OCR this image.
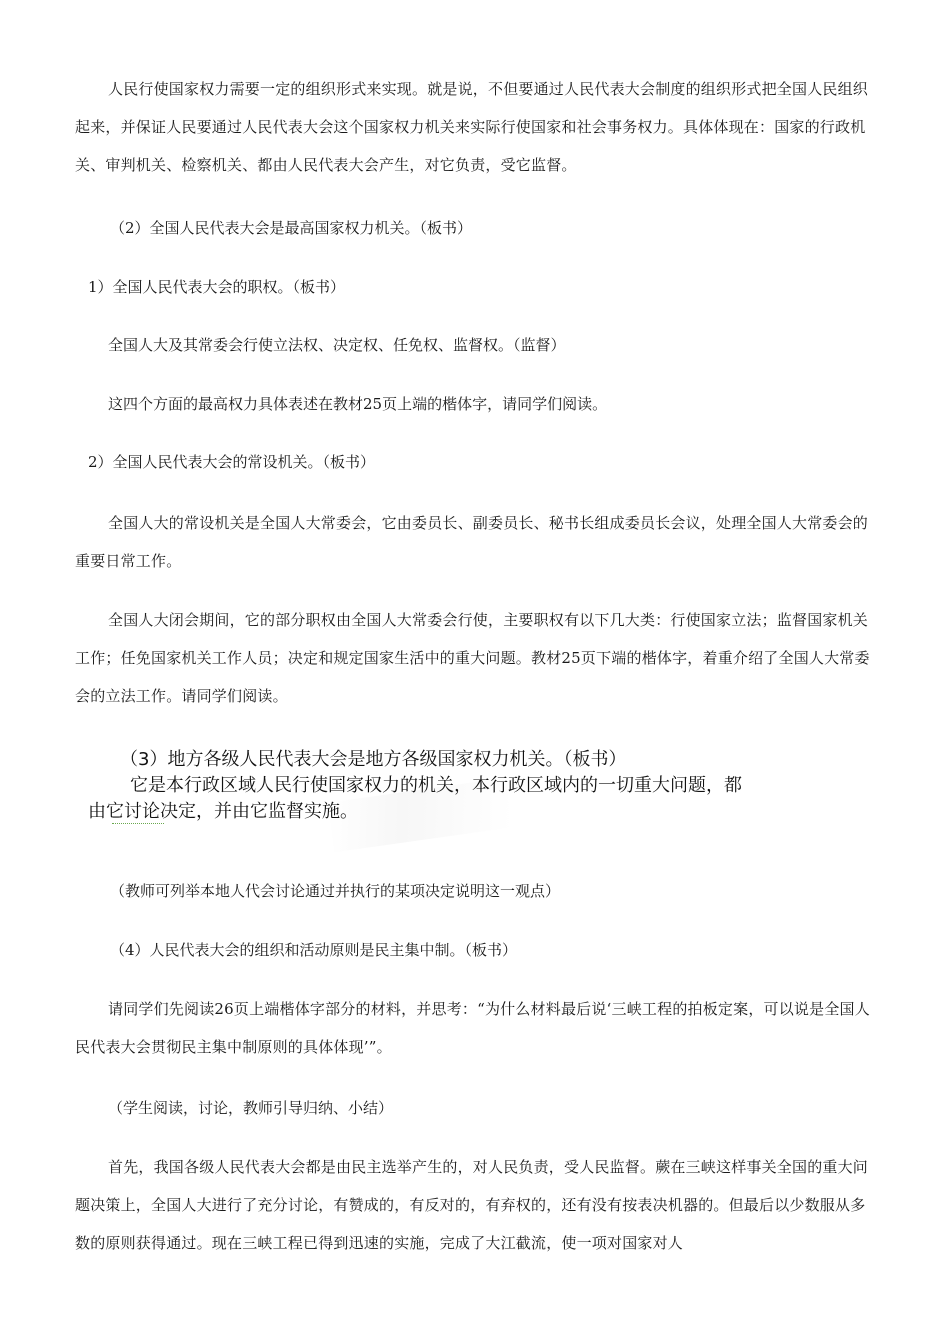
人民行使国家权力需要一定的组织形式来实现。就是说，不但要通过人民代表大会制度的组织形式把全国人民组织起来，并保证人民要通过人民代表大会这个国家权力机关来实际行使国家和社会事务权力。具体体现在：国家的行政机关、审判机关、检察机关、都由人民代表大会产生，对它负责，受它监督。

（2）全国人民代表大会是最高国家权力机关。（板书）

1）全国人民代表大会的职权。（板书）

全国人大及其常委会行使立法权、决定权、任免权、监督权。（监督）

这四个方面的最高权力具体表述在教材25页上端的楷体字，请同学们阅读。

2）全国人民代表大会的常设机关。（板书）

全国人大的常设机关是全国人大常委会，它由委员长、副委员长、秘书长组成委员长会议，处理全国人大常委会的重要日常工作。

全国人大闭会期间，它的部分职权由全国人大常委会行使，主要职权有以下几大类：行使国家立法；监督国家机关工作；任免国家机关工作人员；决定和规定国家生活中的重大问题。教材25页下端的楷体字，着重介绍了全国人大常委会的立法工作。请同学们阅读。

（3）地方各级人民代表大会是地方各级国家权力机关。（板书）

它是本行政区域人民行使国家权力的机关，本行政区域内的一切重大问题，都

由它讨论决定，并由它监督实施。

（教师可列举本地人代会讨论通过并执行的某项决定说明这一观点）

（4）人民代表大会的组织和活动原则是民主集中制。（板书）

请同学们先阅读26页上端楷体字部分的材料，并思考：“为什么材料最后说‘三峡工程的拍板定案，可以说是全国人民代表大会贯彻民主集中制原则的具体体现’”。

（学生阅读，讨论，教师引导归纳、小结）

首先，我国各级人民代表大会都是由民主选举产生的，对人民负责，受人民监督。蕨在三峡这样事关全国的重大问题决策上，全国人大进行了充分讨论，有赞成的，有反对的，有弃权的，还有没有按表决机器的。但最后以少数服从多数的原则获得通过。现在三峡工程已得到迅速的实施，完成了大江截流，使一项对国家对人
